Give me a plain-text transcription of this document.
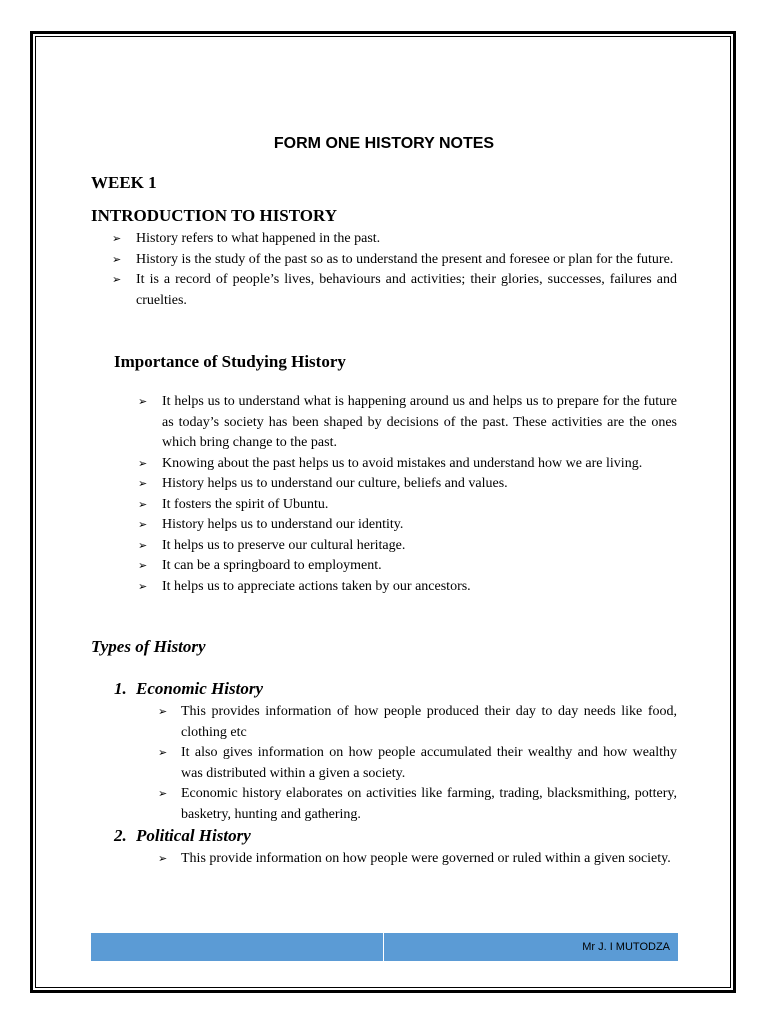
FORM ONE HISTORY NOTES
WEEK 1
INTRODUCTION TO HISTORY
➢ History refers to what happened in the past.
➢ History is the study of the past so as to understand the present and foresee or plan for the future.
➢ It is a record of people’s lives, behaviours and activities; their glories, successes, failures and cruelties.
Importance of Studying History
➢ It helps us to understand what is happening around us and helps us to prepare for the future as today’s society has been shaped by decisions of the past. These activities are the ones which bring change to the past.
➢ Knowing about the past helps us to avoid mistakes and understand how we are living.
➢ History helps us to understand our culture, beliefs and values.
➢ It fosters the spirit of Ubuntu.
➢ History helps us to understand our identity.
➢ It helps us to preserve our cultural heritage.
➢ It can be a springboard to employment.
➢ It helps us to appreciate actions taken by our ancestors.
Types of History
1. Economic History
➢ This provides information of how people produced their day to day needs like food, clothing etc
➢ It also gives information on how people accumulated their wealthy and how wealthy was distributed within a given a society.
➢ Economic history elaborates on activities like farming, trading, blacksmithing, pottery, basketry, hunting and gathering.
2. Political History
➢ This provide information on how people were governed or ruled within a given society.
Mr J. I MUTODZA
